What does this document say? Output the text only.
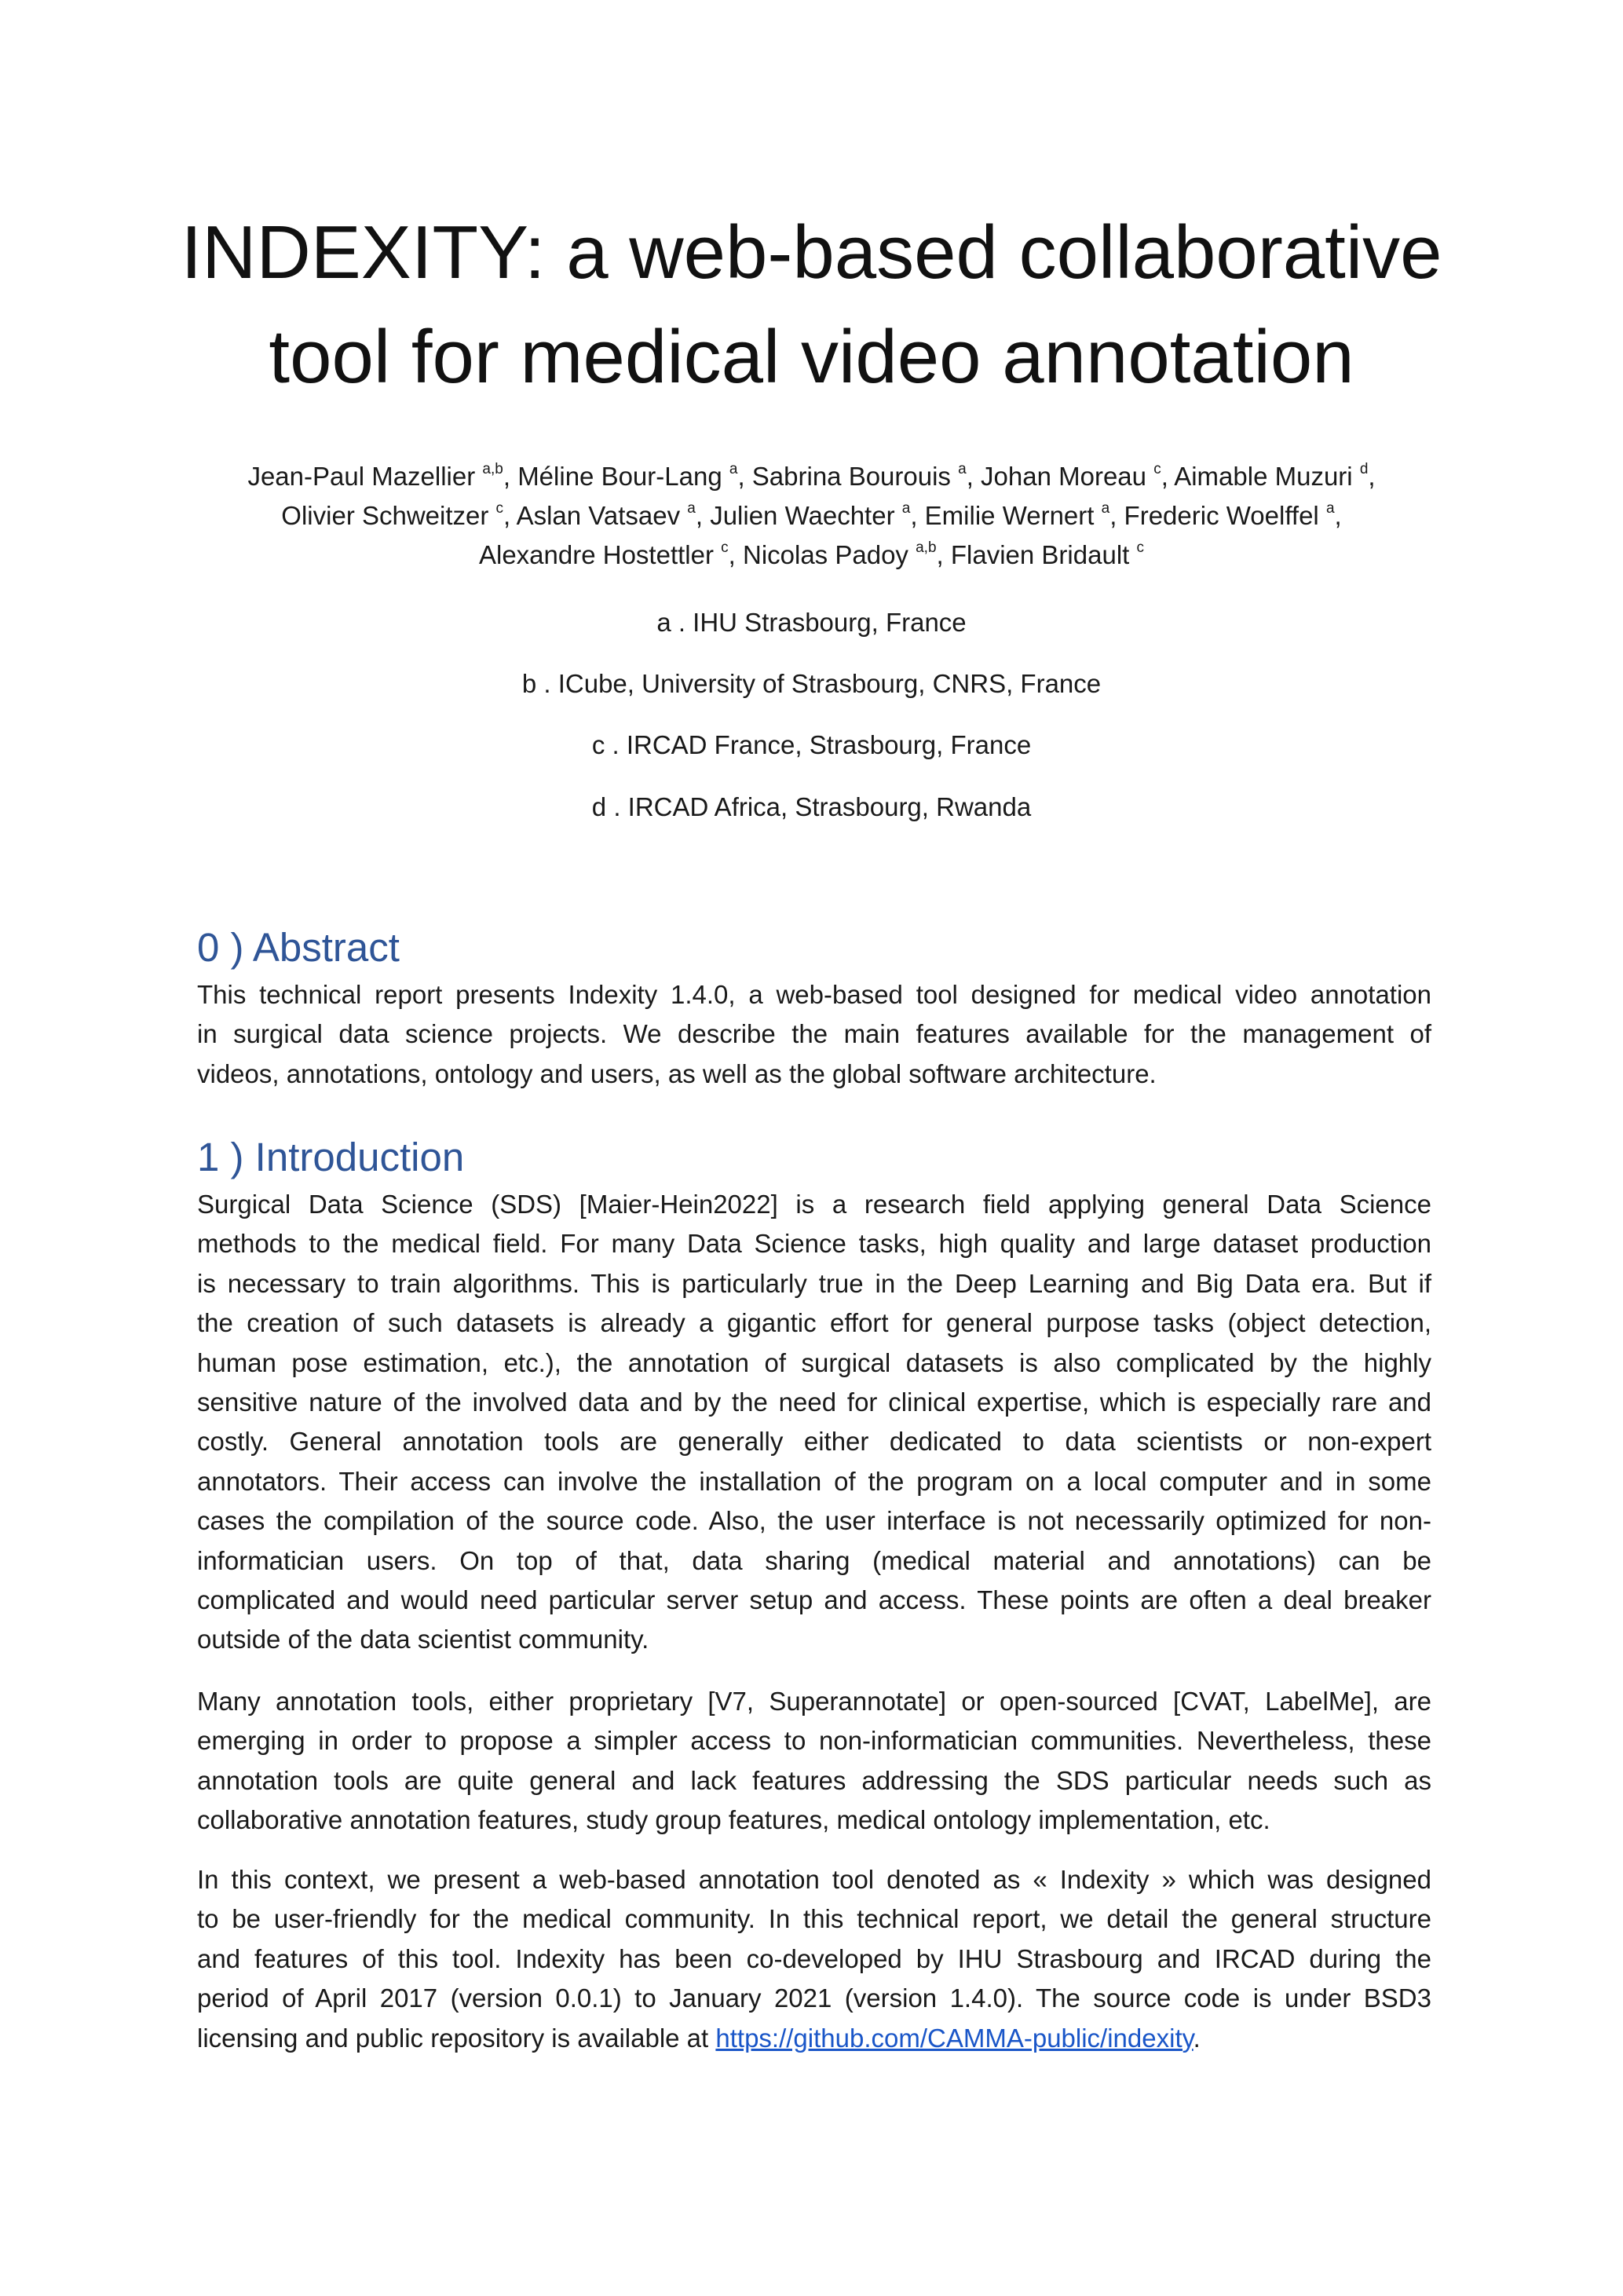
INDEXITY: a web-based collaborative
tool for medical video annotation
Jean-Paul Mazellier $^{a,b}$, Méline Bour-Lang $^a$, Sabrina Bourouis $^a$, Johan Moreau $^c$, Aimable Muzuri $^d$,
Olivier Schweitzer $^c$, Aslan Vatsaev $^a$, Julien Waechter $^a$, Emilie Wernert $^a$, Frederic Woelffel $^a$,
Alexandre Hostettler $^c$, Nicolas Padoy $^{a,b}$, Flavien Bridault $^c$
a . IHU Strasbourg, France
b . ICube, University of Strasbourg, CNRS, France
c . IRCAD France, Strasbourg, France
d . IRCAD Africa, Strasbourg, Rwanda
0 ) Abstract

This technical report presents Indexity 1.4.0, a web-based tool designed for medical video annotation
in surgical data science projects. We describe the main features available for the management of
videos, annotations, ontology and users, as well as the global software architecture.

1 ) Introduction

Surgical Data Science (SDS) [Maier-Hein2022] is a research field applying general Data Science
methods to the medical field. For many Data Science tasks, high quality and large dataset production
is necessary to train algorithms. This is particularly true in the Deep Learning and Big Data era. But if
the creation of such datasets is already a gigantic effort for general purpose tasks (object detection,
human pose estimation, etc.), the annotation of surgical datasets is also complicated by the highly
sensitive nature of the involved data and by the need for clinical expertise, which is especially rare and
costly. General annotation tools are generally either dedicated to data scientists or non-expert
annotators. Their access can involve the installation of the program on a local computer and in some
cases the compilation of the source code. Also, the user interface is not necessarily optimized for non-
informatician users. On top of that, data sharing (medical material and annotations) can be
complicated and would need particular server setup and access. These points are often a deal breaker
outside of the data scientist community.

Many annotation tools, either proprietary [V7, Superannotate] or open-sourced [CVAT, LabelMe], are
emerging in order to propose a simpler access to non-informatician communities. Nevertheless, these
annotation tools are quite general and lack features addressing the SDS particular needs such as
collaborative annotation features, study group features, medical ontology implementation, etc.

In this context, we present a web-based annotation tool denoted as « Indexity » which was designed
to be user-friendly for the medical community. In this technical report, we detail the general structure
and features of this tool. Indexity has been co-developed by IHU Strasbourg and IRCAD during the
period of April 2017 (version 0.0.1) to January 2021 (version 1.4.0). The source code is under BSD3
licensing and public repository is available at https://github.com/CAMMA-public/indexity.
